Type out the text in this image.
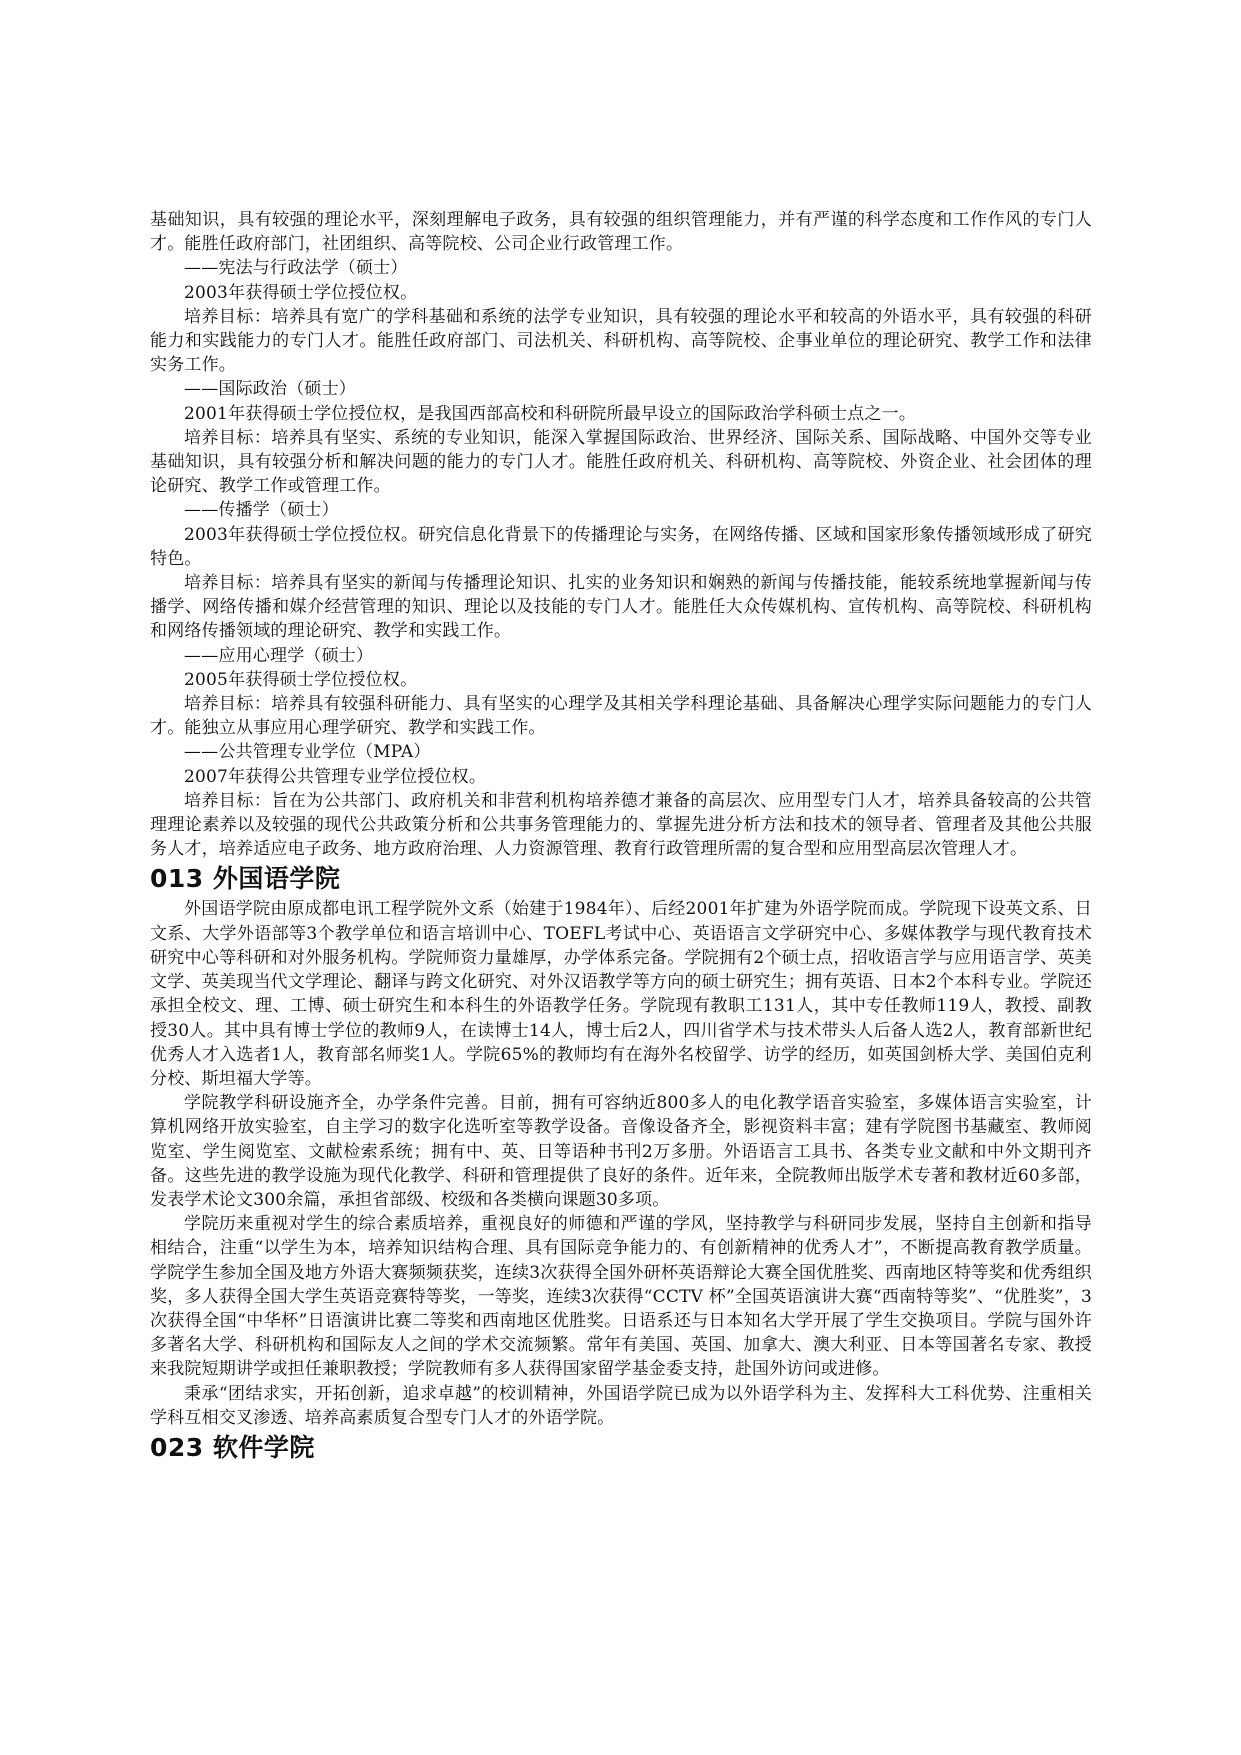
基础知识，具有较强的理论水平，深刻理解电子政务，具有较强的组织管理能力，并有严谨的科学态度和工作作风的专门人才。能胜任政府部门，社团组织、高等院校、公司企业行政管理工作。

——宪法与行政法学（硕士）

2003年获得硕士学位授位权。

培养目标：培养具有宽广的学科基础和系统的法学专业知识，具有较强的理论水平和较高的外语水平，具有较强的科研能力和实践能力的专门人才。能胜任政府部门、司法机关、科研机构、高等院校、企事业单位的理论研究、教学工作和法律实务工作。

——国际政治（硕士）

2001年获得硕士学位授位权，是我国西部高校和科研院所最早设立的国际政治学科硕士点之一。

培养目标：培养具有坚实、系统的专业知识，能深入掌握国际政治、世界经济、国际关系、国际战略、中国外交等专业基础知识，具有较强分析和解决问题的能力的专门人才。能胜任政府机关、科研机构、高等院校、外资企业、社会团体的理论研究、教学工作或管理工作。

——传播学（硕士）

2003年获得硕士学位授位权。研究信息化背景下的传播理论与实务，在网络传播、区域和国家形象传播领域形成了研究特色。

培养目标：培养具有坚实的新闻与传播理论知识、扎实的业务知识和娴熟的新闻与传播技能，能较系统地掌握新闻与传播学、网络传播和媒介经营管理的知识、理论以及技能的专门人才。能胜任大众传媒机构、宣传机构、高等院校、科研机构和网络传播领域的理论研究、教学和实践工作。

——应用心理学（硕士）

2005年获得硕士学位授位权。

培养目标：培养具有较强科研能力、具有坚实的心理学及其相关学科理论基础、具备解决心理学实际问题能力的专门人才。能独立从事应用心理学研究、教学和实践工作。

——公共管理专业学位（MPA）

2007年获得公共管理专业学位授位权。

培养目标：旨在为公共部门、政府机关和非营利机构培养德才兼备的高层次、应用型专门人才，培养具备较高的公共管理理论素养以及较强的现代公共政策分析和公共事务管理能力的、掌握先进分析方法和技术的领导者、管理者及其他公共服务人才，培养适应电子政务、地方政府治理、人力资源管理、教育行政管理所需的复合型和应用型高层次管理人才。

013 外国语学院

外国语学院由原成都电讯工程学院外文系（始建于1984年）、后经2001年扩建为外语学院而成。学院现下设英文系、日文系、大学外语部等3个教学单位和语言培训中心、TOEFL考试中心、英语语言文学研究中心、多媒体教学与现代教育技术研究中心等科研和对外服务机构。学院师资力量雄厚，办学体系完备。学院拥有2个硕士点，招收语言学与应用语言学、英美文学、英美现当代文学理论、翻译与跨文化研究、对外汉语教学等方向的硕士研究生；拥有英语、日本2个本科专业。学院还承担全校文、理、工博、硕士研究生和本科生的外语教学任务。学院现有教职工131人，其中专任教师119人，教授、副教授30人。其中具有博士学位的教师9人，在读博士14人，博士后2人，四川省学术与技术带头人后备人选2人，教育部新世纪优秀人才入选者1人，教育部名师奖1人。学院65%的教师均有在海外名校留学、访学的经历，如英国剑桥大学、美国伯克利分校、斯坦福大学等。

学院教学科研设施齐全，办学条件完善。目前，拥有可容纳近800多人的电化教学语音实验室，多媒体语言实验室，计算机网络开放实验室，自主学习的数字化选听室等教学设备。音像设备齐全，影视资料丰富；建有学院图书基藏室、教师阅览室、学生阅览室、文献检索系统；拥有中、英、日等语种书刊2万多册。外语语言工具书、各类专业文献和中外文期刊齐备。这些先进的教学设施为现代化教学、科研和管理提供了良好的条件。近年来，全院教师出版学术专著和教材近60多部，发表学术论文300余篇，承担省部级、校级和各类横向课题30多项。

学院历来重视对学生的综合素质培养，重视良好的师德和严谨的学风，坚持教学与科研同步发展，坚持自主创新和指导相结合，注重“以学生为本，培养知识结构合理、具有国际竞争能力的、有创新精神的优秀人才”，不断提高教育教学质量。学院学生参加全国及地方外语大赛频频获奖，连续3次获得全国外研杯英语辩论大赛全国优胜奖、西南地区特等奖和优秀组织奖，多人获得全国大学生英语竞赛特等奖，一等奖，连续3次获得“CCTV 杯”全国英语演讲大赛“西南特等奖”、“优胜奖”，3次获得全国“中华杯”日语演讲比赛二等奖和西南地区优胜奖。日语系还与日本知名大学开展了学生交换项目。学院与国外许多著名大学、科研机构和国际友人之间的学术交流频繁。常年有美国、英国、加拿大、澳大利亚、日本等国著名专家、教授来我院短期讲学或担任兼职教授；学院教师有多人获得国家留学基金委支持，赴国外访问或进修。

秉承“团结求实，开拓创新，追求卓越”的校训精神，外国语学院已成为以外语学科为主、发挥科大工科优势、注重相关学科互相交叉渗透、培养高素质复合型专门人才的外语学院。

023 软件学院
